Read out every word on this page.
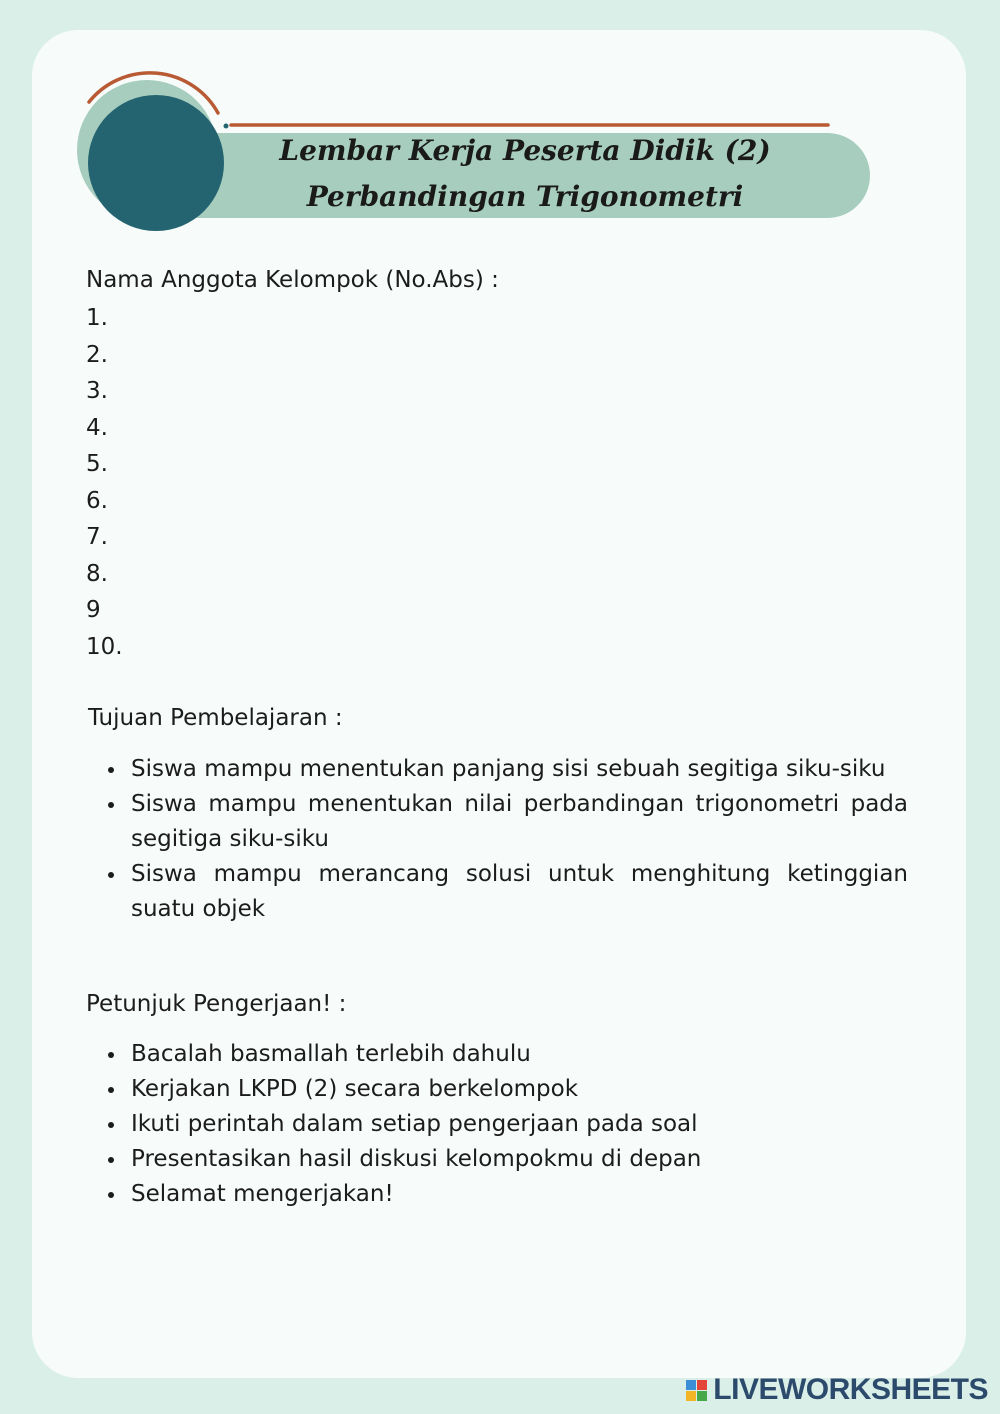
Lembar Kerja Peserta Didik (2)
Perbandingan Trigonometri

Nama Anggota Kelompok (No.Abs) :

1.
2.
3.
4.
5.
6.
7.
8.
9
10.

Tujuan Pembelajaran :

Siswa mampu menentukan panjang sisi sebuah segitiga siku-siku
Siswa mampu menentukan nilai perbandingan trigonometri pada segitiga siku-siku
Siswa mampu merancang solusi untuk menghitung ketinggian suatu objek

Petunjuk Pengerjaan! :

Bacalah basmallah terlebih dahulu
Kerjakan LKPD (2) secara berkelompok
Ikuti perintah dalam setiap pengerjaan pada soal
Presentasikan hasil diskusi kelompokmu di depan
Selamat mengerjakan!
LIVEWORKSHEETS
